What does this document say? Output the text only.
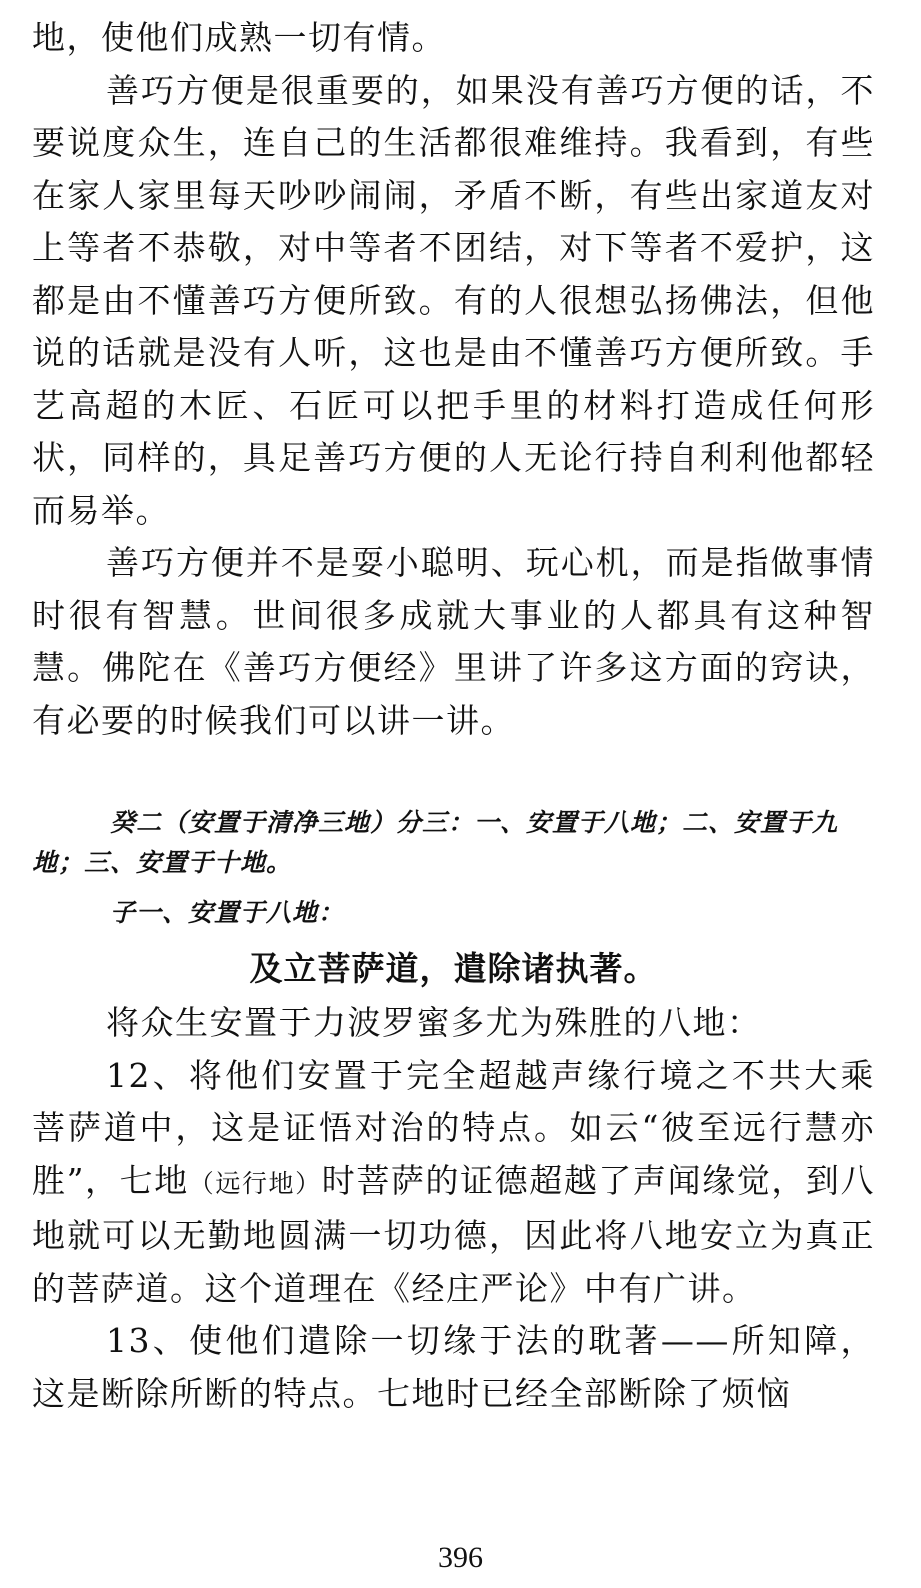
地，使他们成熟一切有情。

善巧方便是很重要的，如果没有善巧方便的话，不要说度众生，连自己的生活都很难维持。我看到，有些在家人家里每天吵吵闹闹，矛盾不断，有些出家道友对上等者不恭敬，对中等者不团结，对下等者不爱护，这都是由不懂善巧方便所致。有的人很想弘扬佛法，但他说的话就是没有人听，这也是由不懂善巧方便所致。手艺高超的木匠、石匠可以把手里的材料打造成任何形状，同样的，具足善巧方便的人无论行持自利利他都轻而易举。

善巧方便并不是耍小聪明、玩心机，而是指做事情时很有智慧。世间很多成就大事业的人都具有这种智慧。佛陀在《善巧方便经》里讲了许多这方面的窍诀，有必要的时候我们可以讲一讲。

癸二（安置于清净三地）分三：一、安置于八地；二、安置于九地；三、安置于十地。

子一、安置于八地：

及立菩萨道，遣除诸执著。

将众生安置于力波罗蜜多尤为殊胜的八地：

12、将他们安置于完全超越声缘行境之不共大乘菩萨道中，这是证悟对治的特点。如云“彼至远行慧亦胜”，七地（远行地）时菩萨的证德超越了声闻缘觉，到八地就可以无勤地圆满一切功德，因此将八地安立为真正的菩萨道。这个道理在《经庄严论》中有广讲。

13、使他们遣除一切缘于法的耽著——所知障，这是断除所断的特点。七地时已经全部断除了烦恼

396
